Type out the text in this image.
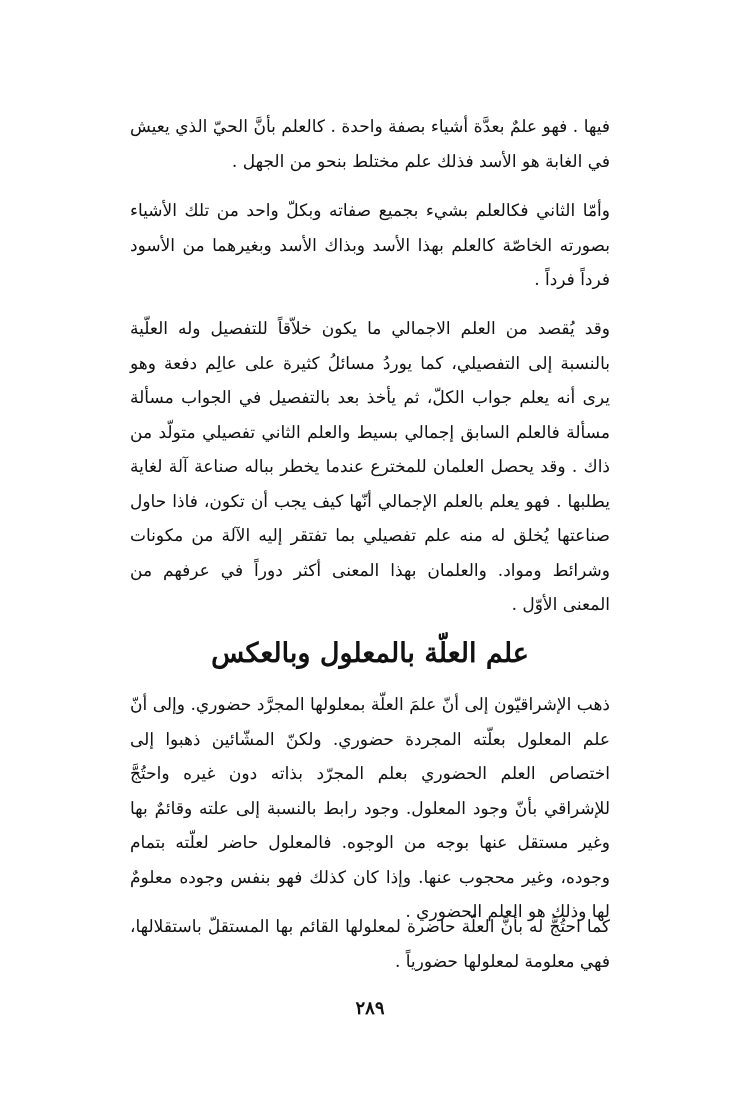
فيها . فهو علمٌ بعدَّة أشياء بصفة واحدة . كالعلم بأنَّ الحيّ الذي يعيش في الغابة هو الأسد فذلك علم مختلط بنحو من الجهل .

وأمّا الثاني فكالعلم بشيء بجميع صفاته وبكلّ واحد من تلك الأشياء بصورته الخاصّة كالعلم بهذا الأسد وبذاك الأسد وبغيرهما من الأسود فرداً فرداً .

وقد يُقصد من العلم الاجمالي ما يكون خلاّقاً للتفصيل وله العلّية بالنسبة إلى التفصيلي، كما يوردُ مسائلُ كثيرة على عالِم دفعة وهو يرى أنه يعلم جواب الكلّ، ثم يأخذ بعد بالتفصيل في الجواب مسألة مسألة فالعلم السابق إجمالي بسيط والعلم الثاني تفصيلي متولّد من ذاك . وقد يحصل العلمان للمخترع عندما يخطر بباله صناعة آلة لغاية يطلبها . فهو يعلم بالعلم الإجمالي أنّها كيف يجب أن تكون، فاذا حاول صناعتها يُخلق له منه علم تفصيلي بما تفتقر إليه الآلة من مكونات وشرائط ومواد. والعلمان بهذا المعنى أكثر دوراً في عرفهم من المعنى الأوّل .

علم العلّة بالمعلول وبالعكس

ذهب الإشراقيّون إلى أنّ علمَ العلّة بمعلولها المجرَّد حضوري. وإلى أنّ علم المعلول بعلّته المجردة حضوري. ولكنّ المشّائين ذهبوا إلى اختصاص العلم الحضوري بعلم المجرّد بذاته دون غيره واحتُجَّ للإشراقي بأنّ وجود المعلول. وجود رابط بالنسبة إلى علته وقائمٌ بها وغير مستقل عنها بوجه من الوجوه. فالمعلول حاضر لعلّته بتمام وجوده، وغير محجوب عنها. وإذا كان كذلك فهو بنفس وجوده معلومٌ لها وذلك هو العلم الحضوري .

كما احتُجَّ له بأنَّ العلّة حاضرة لمعلولها القائم بها المستقلّ باستقلالها، فهي معلومة لمعلولها حضورياً .

٢٨٩
